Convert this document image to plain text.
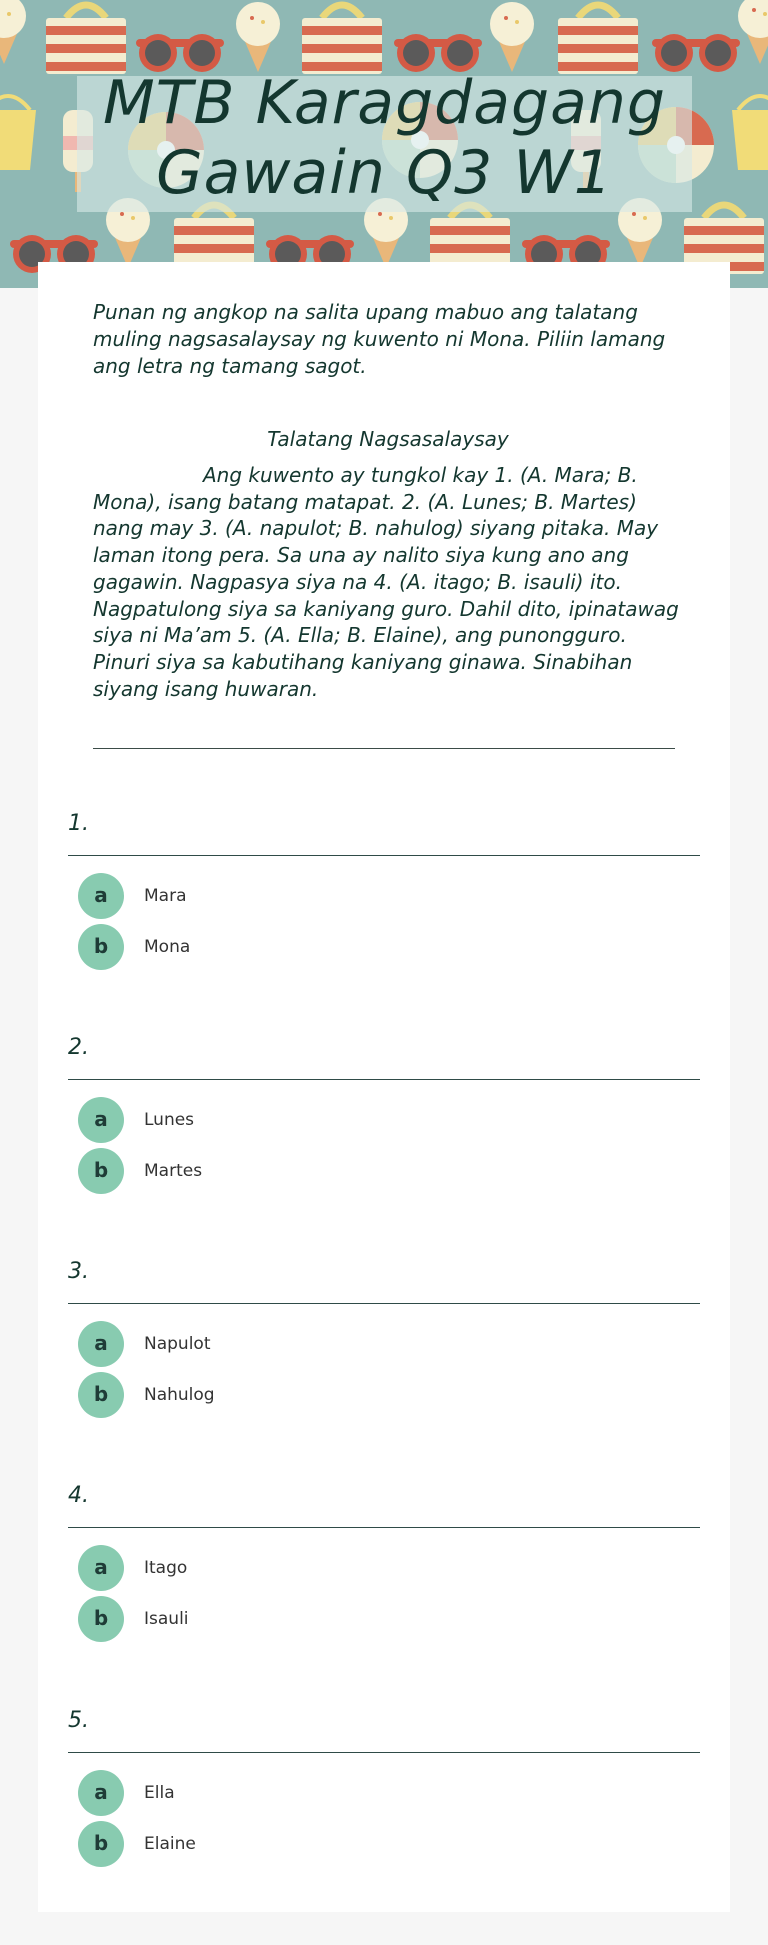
MTB Karagdagang
Gawain Q3 W1

Punan ng angkop na salita upang mabuo ang talatang muling nagsasalaysay ng kuwento ni Mona. Piliin lamang ang letra ng tamang sagot.

Talatang Nagsasalaysay

Ang kuwento ay tungkol kay 1. (A. Mara; B. Mona), isang batang matapat. 2. (A. Lunes; B. Martes) nang may 3. (A. napulot; B. nahulog) siyang pitaka. May laman itong pera. Sa una ay nalito siya kung ano ang gagawin. Nagpasya siya na 4. (A. itago; B. isauli) ito. Nagpatulong siya sa kaniyang guro. Dahil dito, ipinatawag siya ni Ma’am 5. (A. Ella; B. Elaine), ang punongguro. Pinuri siya sa kabutihang kaniyang ginawa. Sinabihan siyang isang huwaran.

1.
a	Mara
b	Mona
2.
a	Lunes
b	Martes
3.
a	Napulot
b	Nahulog
4.
a	Itago
b	Isauli
5.
a	Ella
b	Elaine
